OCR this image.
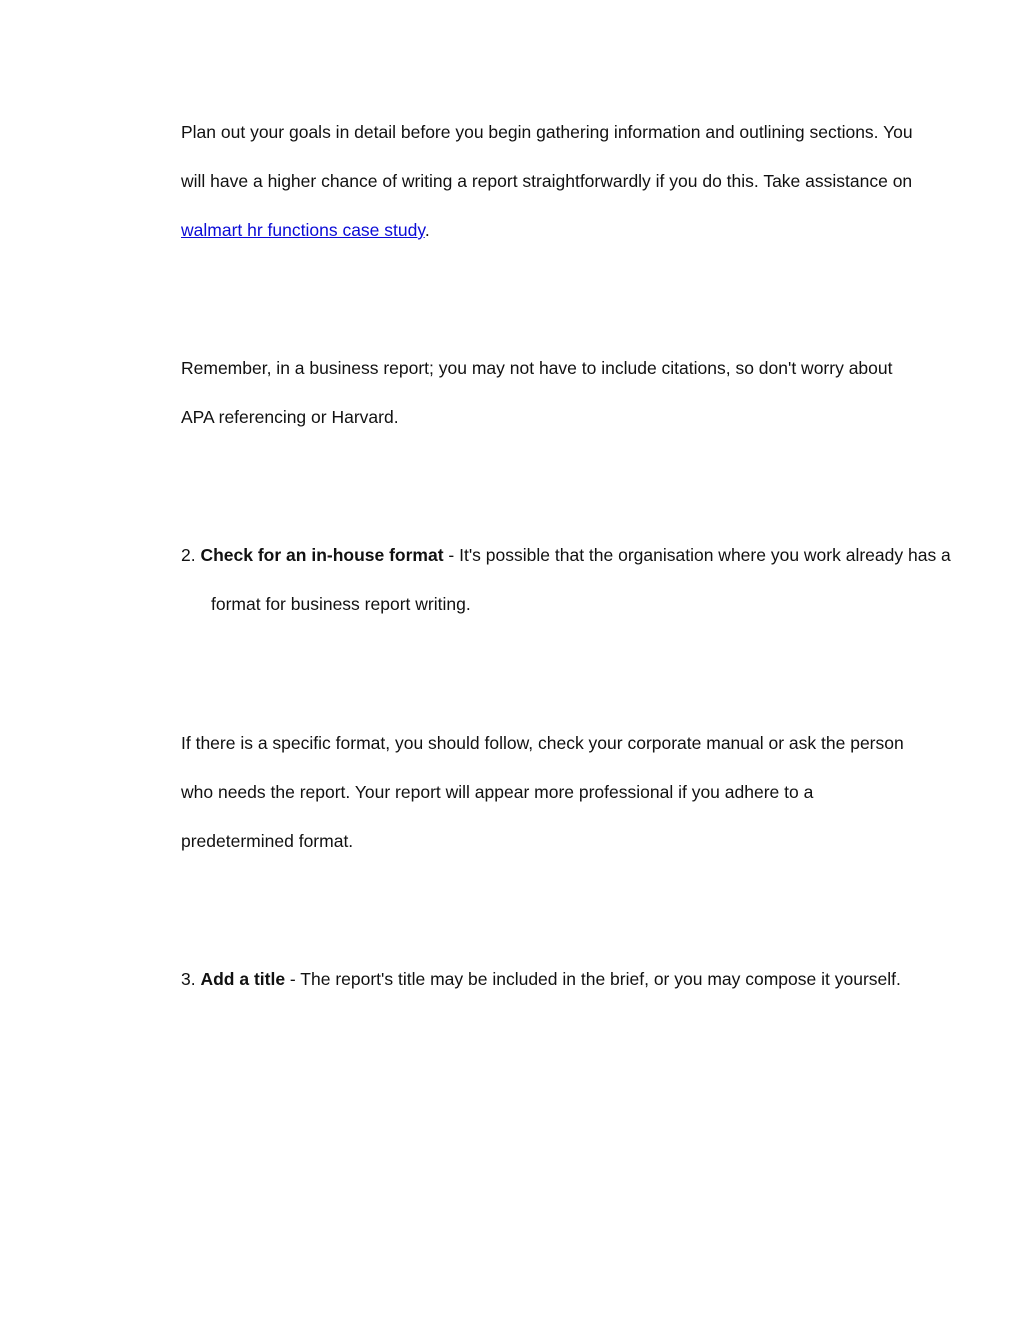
Plan out your goals in detail before you begin gathering information and outlining sections. You will have a higher chance of writing a report straightforwardly if you do this. Take assistance on walmart hr functions case study.

Remember, in a business report; you may not have to include citations, so don't worry about APA referencing or Harvard.

2. Check for an in-house format - It's possible that the organisation where you work already has a format for business report writing.

If there is a specific format, you should follow, check your corporate manual or ask the person who needs the report. Your report will appear more professional if you adhere to a predetermined format.

3. Add a title - The report's title may be included in the brief, or you may compose it yourself.
